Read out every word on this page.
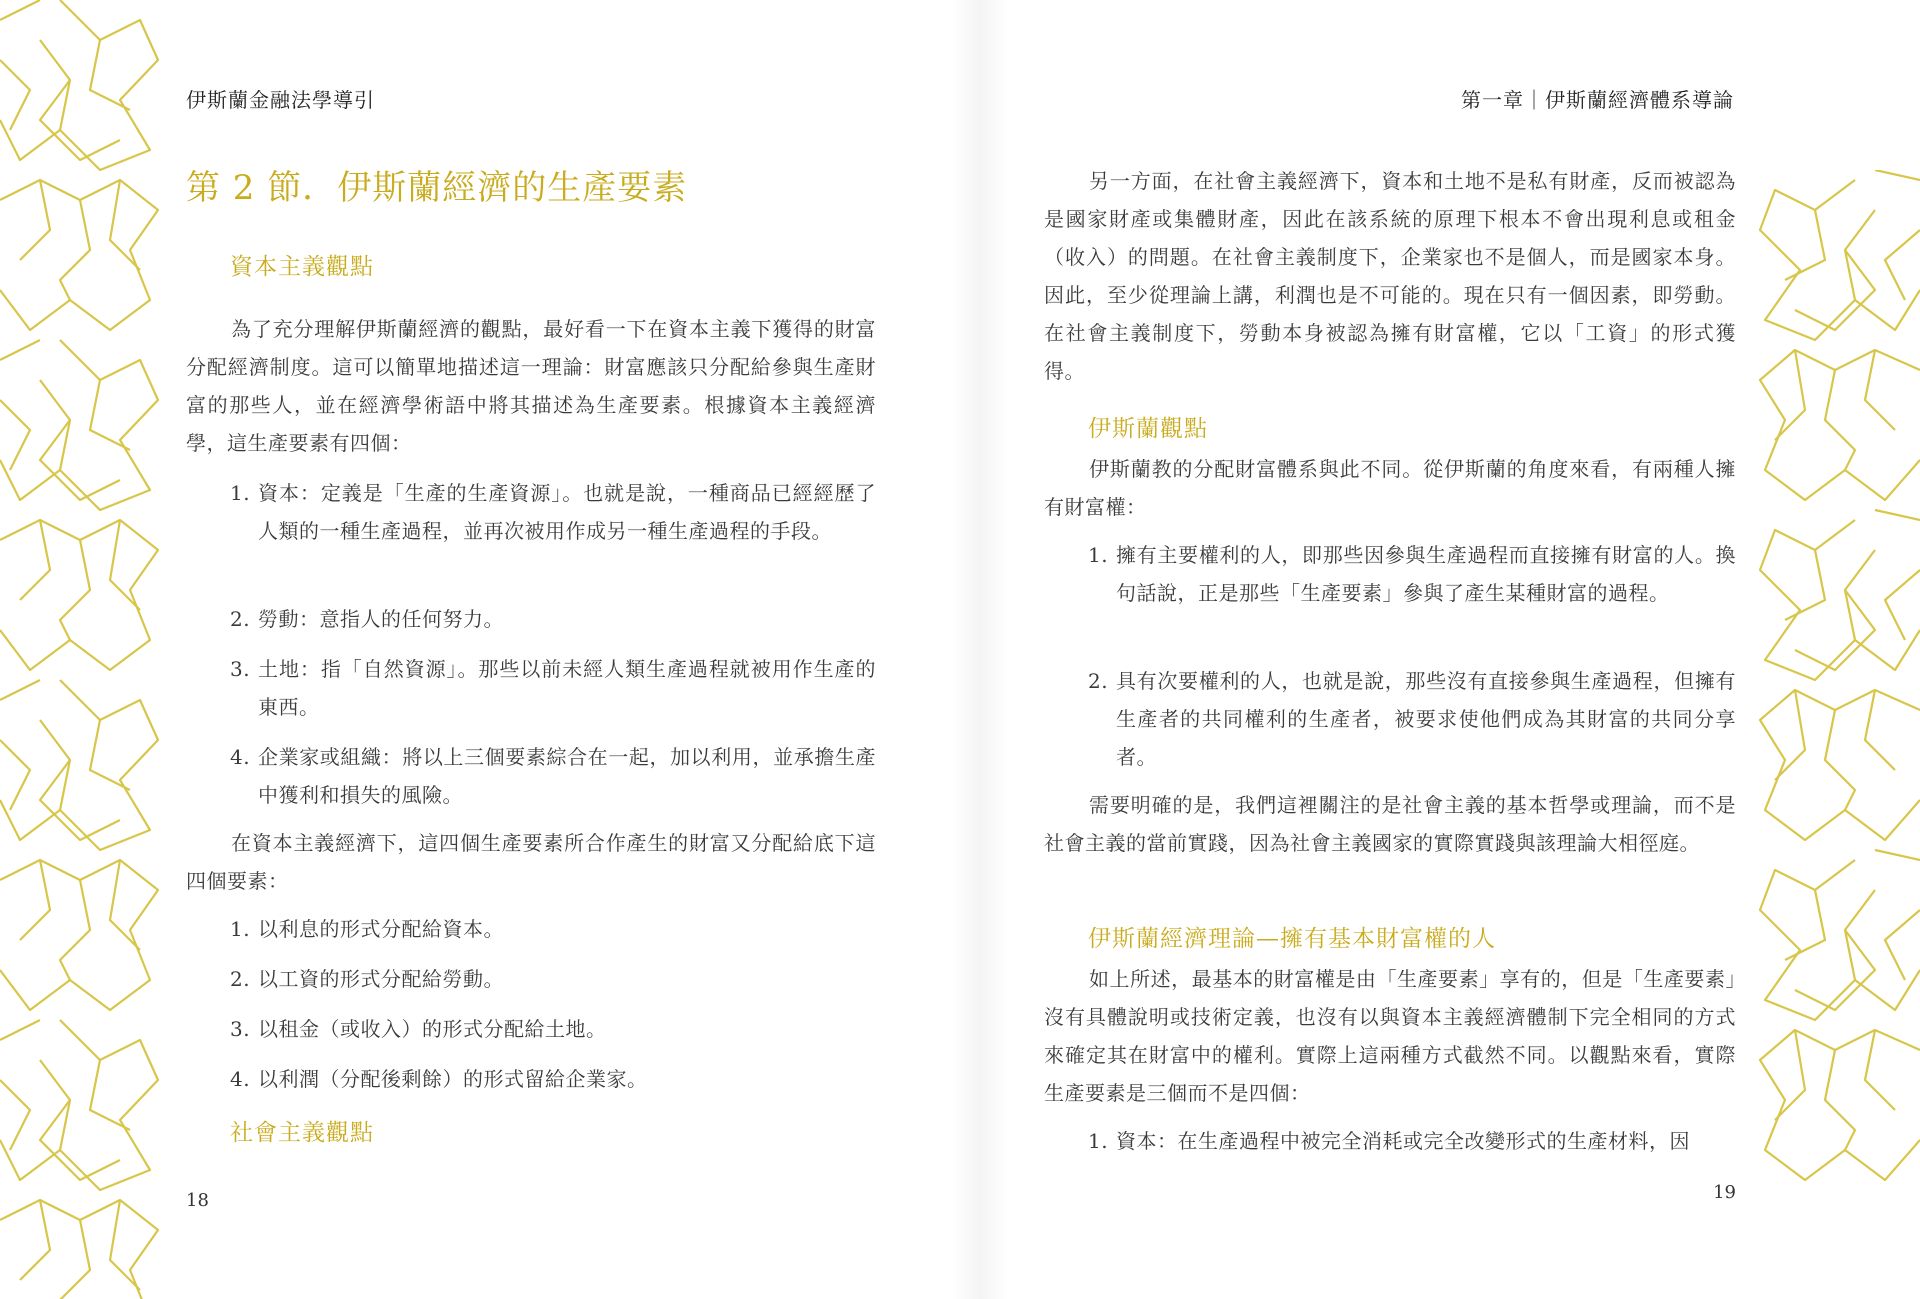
伊斯蘭金融法學導引	第一章｜伊斯蘭經濟體系導論
第 2 節．伊斯蘭經濟的生產要素
資本主義觀點

為了充分理解伊斯蘭經濟的觀點，最好看一下在資本主義下獲得的財富分配經濟制度。這可以簡單地描述這一理論：財富應該只分配給參與生產財富的那些人，並在經濟學術語中將其描述為生產要素。根據資本主義經濟學，這生產要素有四個：

1. 資本：定義是「生產的生產資源」。也就是說，一種商品已經經歷了人類的一種生產過程，並再次被用作成另一種生產過程的手段。
2. 勞動：意指人的任何努力。
3. 土地：指「自然資源」。那些以前未經人類生產過程就被用作生產的東西。
4. 企業家或組織：將以上三個要素綜合在一起，加以利用，並承擔生產中獲利和損失的風險。

在資本主義經濟下，這四個生產要素所合作產生的財富又分配給底下這四個要素：

1. 以利息的形式分配給資本。
2. 以工資的形式分配給勞動。
3. 以租金（或收入）的形式分配給土地。
4. 以利潤（分配後剩餘）的形式留給企業家。
社會主義觀點
18

另一方面，在社會主義經濟下，資本和土地不是私有財產，反而被認為是國家財產或集體財產，因此在該系統的原理下根本不會出現利息或租金（收入）的問題。在社會主義制度下，企業家也不是個人，而是國家本身。因此，至少從理論上講，利潤也是不可能的。現在只有一個因素，即勞動。在社會主義制度下，勞動本身被認為擁有財富權，它以「工資」的形式獲得。

伊斯蘭觀點

伊斯蘭教的分配財富體系與此不同。從伊斯蘭的角度來看，有兩種人擁有財富權：

1. 擁有主要權利的人，即那些因參與生產過程而直接擁有財富的人。換句話說，正是那些「生產要素」參與了產生某種財富的過程。
2. 具有次要權利的人，也就是說，那些沒有直接參與生產過程，但擁有生產者的共同權利的生產者，被要求使他們成為其財富的共同分享者。

需要明確的是，我們這裡關注的是社會主義的基本哲學或理論，而不是社會主義的當前實踐，因為社會主義國家的實際實踐與該理論大相徑庭。

伊斯蘭經濟理論—擁有基本財富權的人

如上所述，最基本的財富權是由「生產要素」享有的，但是「生產要素」沒有具體說明或技術定義，也沒有以與資本主義經濟體制下完全相同的方式來確定其在財富中的權利。實際上這兩種方式截然不同。以觀點來看，實際生產要素是三個而不是四個：

1. 資本：在生產過程中被完全消耗或完全改變形式的生產材料，因
19
